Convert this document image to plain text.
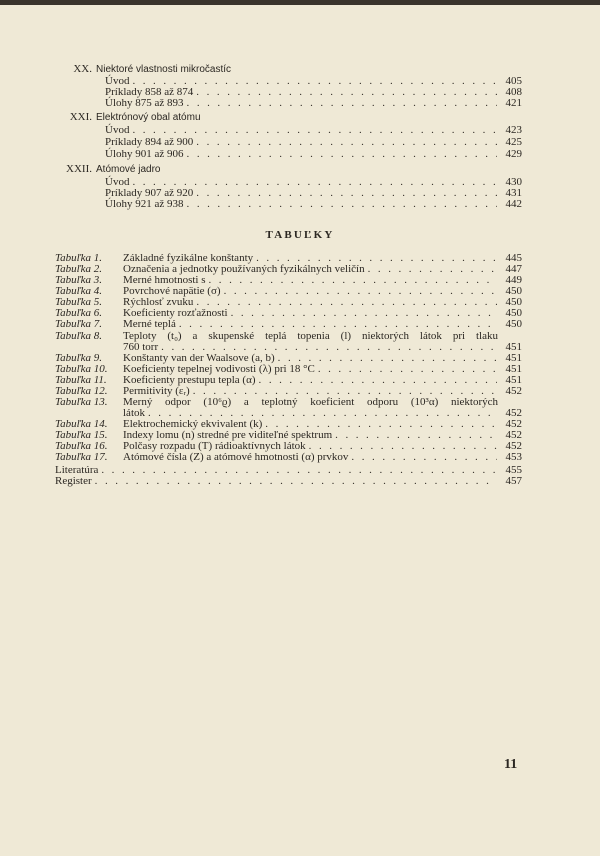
XX. Niektoré vlastnosti mikročastíc
Úvod . . .	405
Príklady 858 až 874 . . .	408
Úlohy 875 až 893 . . .	421
XXI. Elektrónový obal atómu
Úvod . . .	423
Príklady 894 až 900 . . .	425
Úlohy 901 až 906 . . .	429
XXII. Atómové jadro
Úvod . . .	430
Príklady 907 až 920 . . .	431
Úlohy 921 až 938 . . .	442
TABUĽKY
Tabuľka 1. Základné fyzikálne konštanty . . .	445
Tabuľka 2. Označenia a jednotky používaných fyzikálnych veličín . . .	447
Tabuľka 3. Merné hmotnosti s . . .	449
Tabuľka 4. Povrchové napätie (σ) . . .	450
Tabuľka 5. Rýchlosť zvuku . . .	450
Tabuľka 6. Koeficienty rozťažnosti . . .	450
Tabuľka 7. Merné teplá . . .	450
Tabuľka 8. Teploty (t₀) a skupenské teplá topenia (l) niektorých látok pri tlaku
760 torr . . .	451
Tabuľka 9. Konštanty van der Waalsove (a, b) . . .	451
Tabuľka 10. Koeficienty tepelnej vodivosti (λ) pri 18 °C . . .	451
Tabuľka 11. Koeficienty prestupu tepla (α) . . .	451
Tabuľka 12. Permitivity (εᵣ) . . .	452
Tabuľka 13. Merný odpor (10⁶ϱ) a teplotný koeficient odporu (10³α) niektorých
látok . . .	452
Tabuľka 14. Elektrochemický ekvivalent (k) . . .	452
Tabuľka 15. Indexy lomu (n) stredné pre viditeľné spektrum . . .	452
Tabuľka 16. Polčasy rozpadu (T) rádioaktívnych látok . . .	452
Tabuľka 17. Atómové čísla (Z) a atómové hmotnosti (α) prvkov . . .	453
Literatúra . . .	455
Register . . .	457
11
